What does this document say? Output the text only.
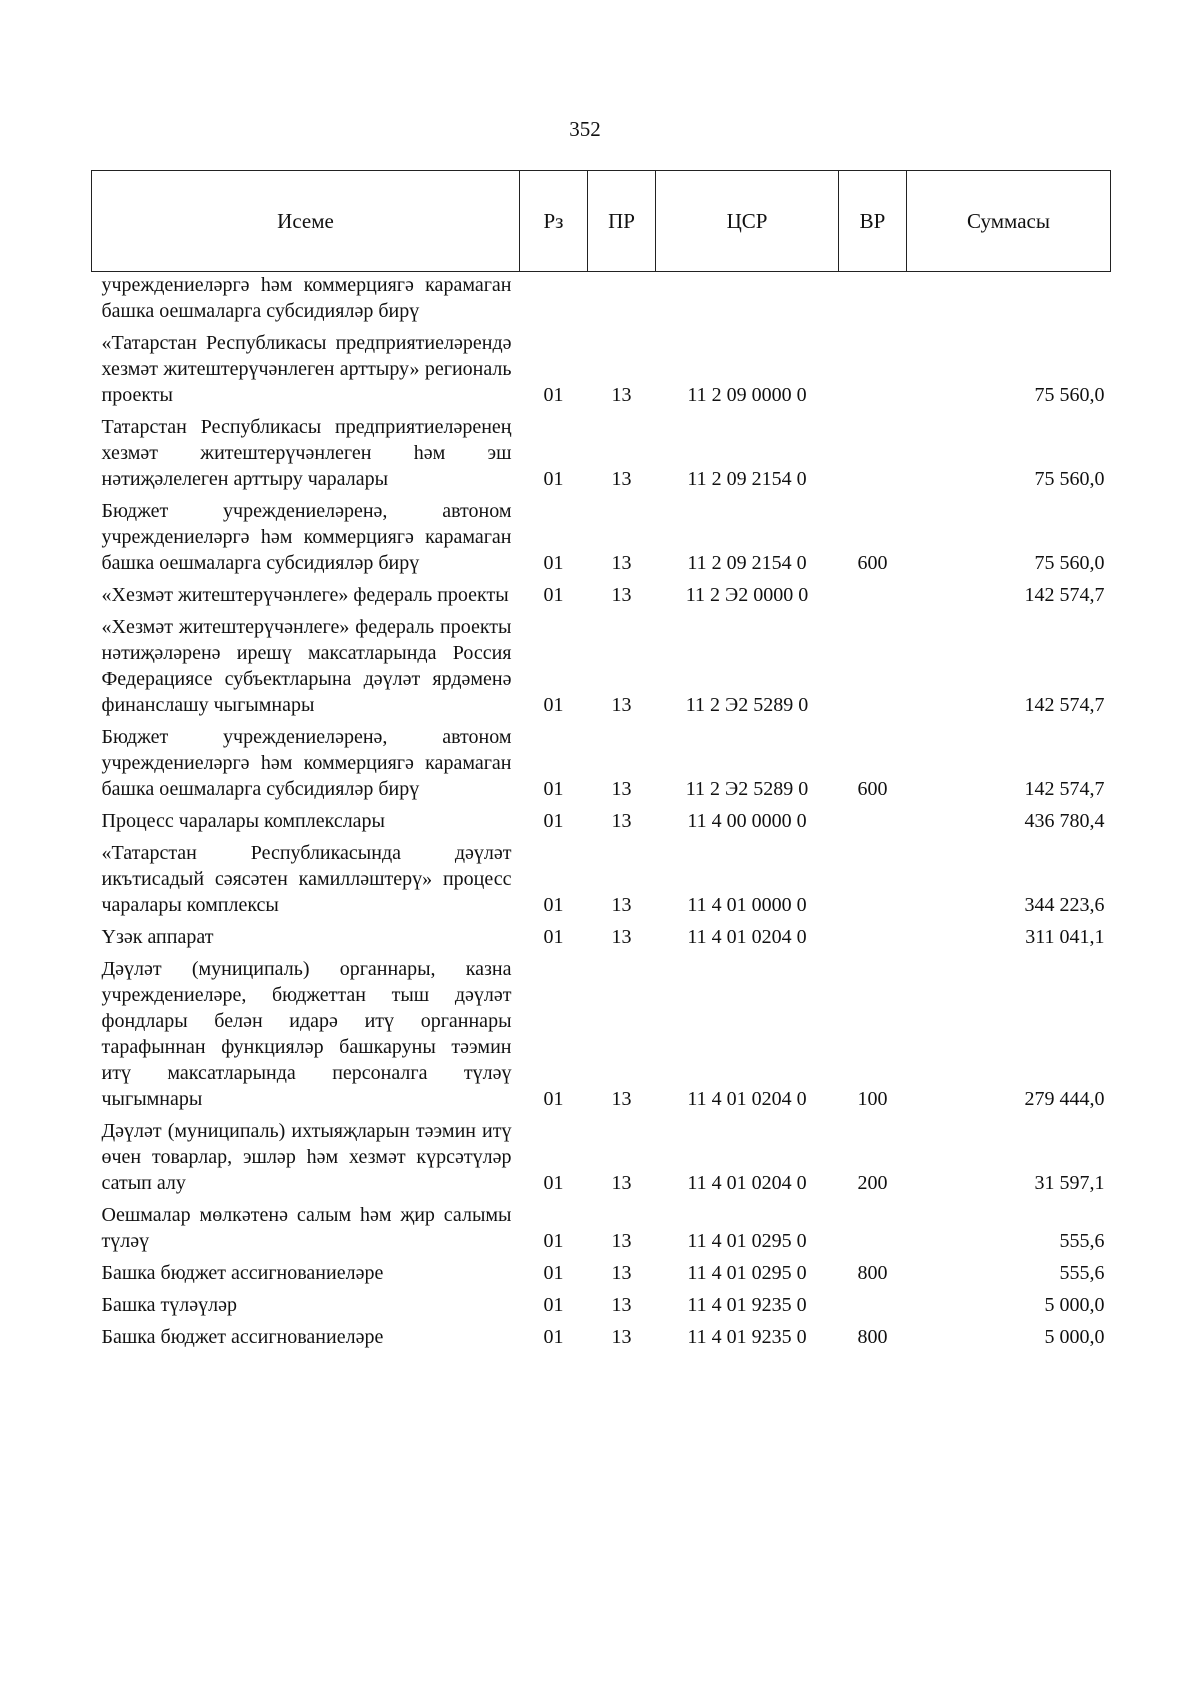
352
Исеме	Рз	ПР	ЦСР	ВР	Суммасы
учреждениеләргә һәм коммерциягә карамаган башка оешмаларга субсидияләр бирү					
«Татарстан Республикасы предприятиеләрендә хезмәт житештерүчәнлеген арттыру» региональ проекты	01	13	11 2 09 0000 0		75 560,0
Татарстан Республикасы предприятиеләренең хезмәт житештерүчәнлеген һәм эш нәтиҗәлелеген арттыру чаралары	01	13	11 2 09 2154 0		75 560,0
Бюджет учреждениеләренә, автоном учреждениеләргә һәм коммерциягә карамаган башка оешмаларга субсидияләр бирү	01	13	11 2 09 2154 0	600	75 560,0
«Хезмәт житештерүчәнлеге» федераль проекты	01	13	11 2 Э2 0000 0		142 574,7
«Хезмәт житештерүчәнлеге» федераль проекты нәтиҗәләренә ирешү максатларында Россия Федерациясе субъектларына дәүләт ярдәменә финанслашу чыгымнары	01	13	11 2 Э2 5289 0		142 574,7
Бюджет учреждениеләренә, автоном учреждениеләргә һәм коммерциягә карамаган башка оешмаларга субсидияләр бирү	01	13	11 2 Э2 5289 0	600	142 574,7
Процесс чаралары комплекслары	01	13	11 4 00 0000 0		436 780,4
«Татарстан Республикасында дәүләт икътисадый сәясәтен камилләштерү» процесс чаралары комплексы	01	13	11 4 01 0000 0		344 223,6
Үзәк аппарат	01	13	11 4 01 0204 0		311 041,1
Дәүләт (муниципаль) органнары, казна учреждениеләре, бюджеттан тыш дәүләт фондлары белән идарә итү органнары тарафыннан функцияләр башкаруны тәэмин итү максатларында персоналга түләү чыгымнары	01	13	11 4 01 0204 0	100	279 444,0
Дәүләт (муниципаль) ихтыяҗларын тәэмин итү өчен товарлар, эшләр һәм хезмәт күрсәтүләр сатып алу	01	13	11 4 01 0204 0	200	31 597,1
Оешмалар мөлкәтенә салым һәм җир салымы түләү	01	13	11 4 01 0295 0		555,6
Башка бюджет ассигнованиеләре	01	13	11 4 01 0295 0	800	555,6
Башка түләүләр	01	13	11 4 01 9235 0		5 000,0
Башка бюджет ассигнованиеләре	01	13	11 4 01 9235 0	800	5 000,0
